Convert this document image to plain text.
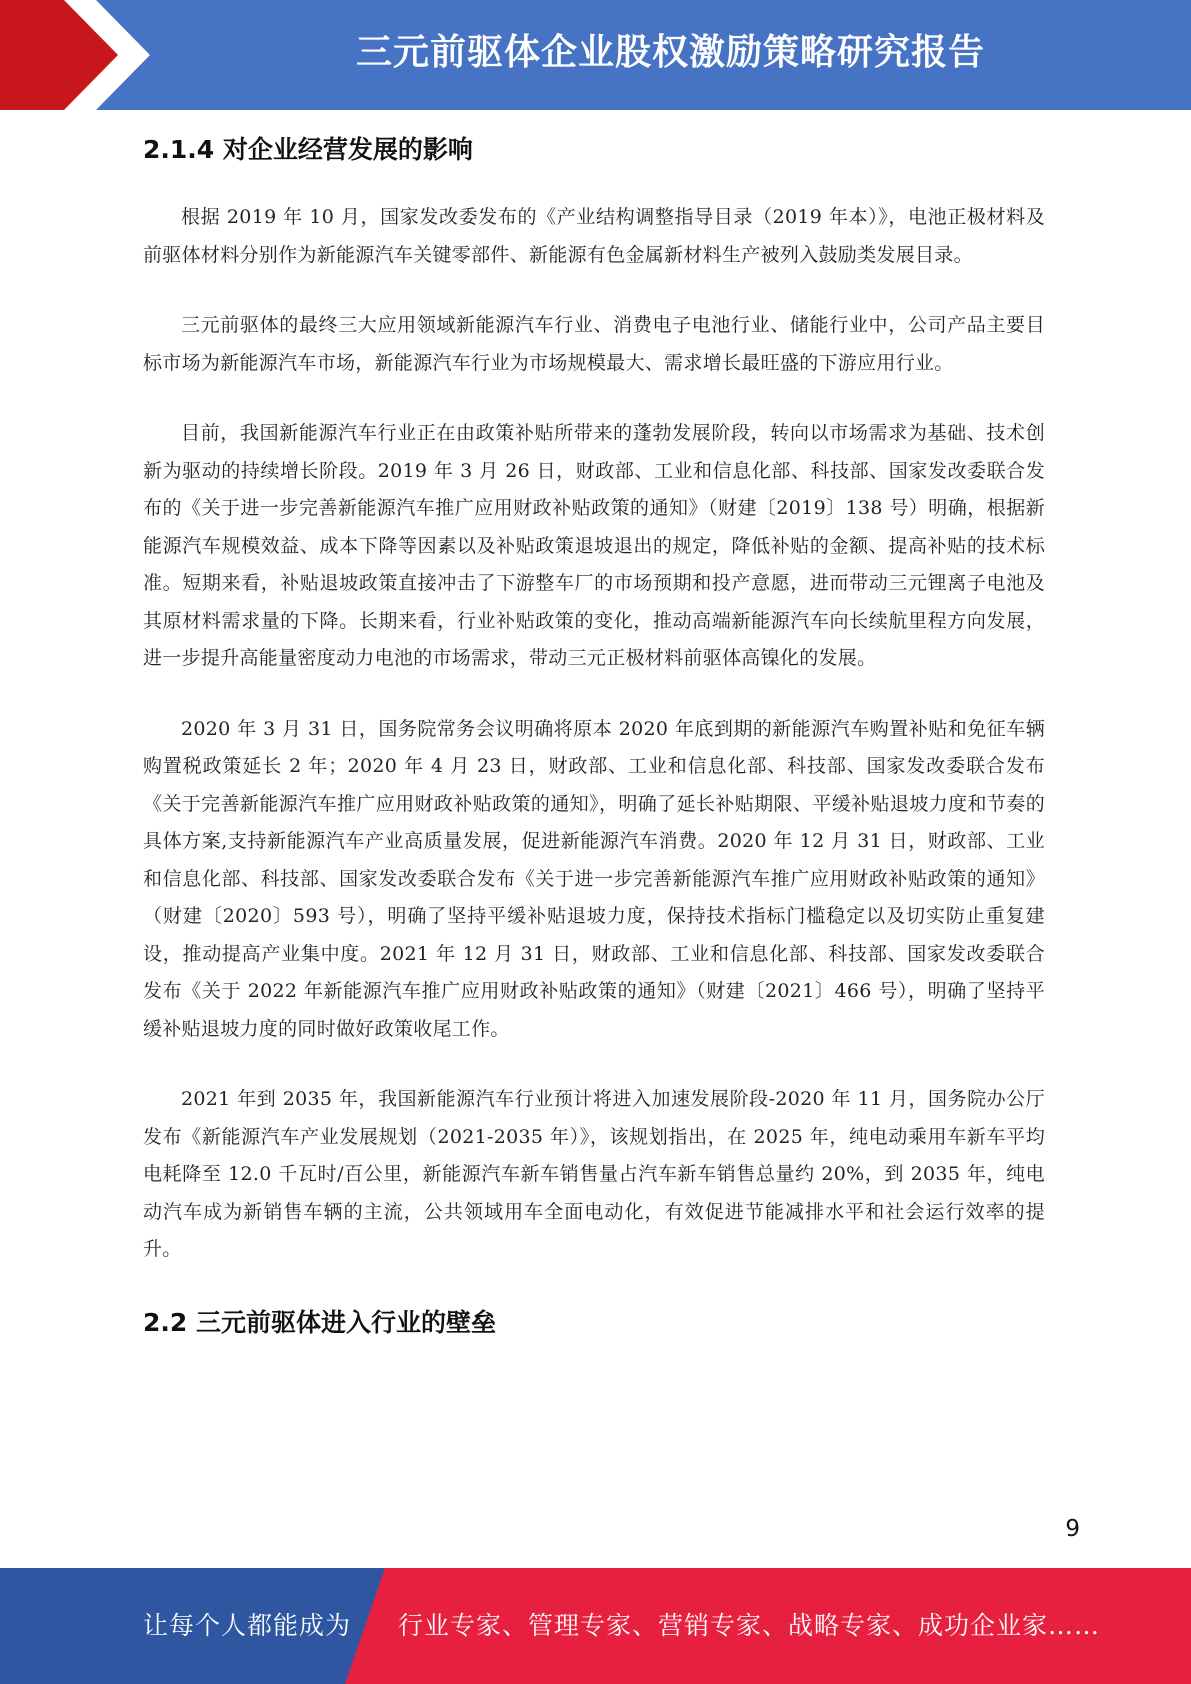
三元前驱体企业股权激励策略研究报告
2.1.4 对企业经营发展的影响

根据 2019 年 10 月，国家发改委发布的《产业结构调整指导目录（2019 年本）》，电池正极材料及前驱体材料分别作为新能源汽车关键零部件、新能源有色金属新材料生产被列入鼓励类发展目录。

三元前驱体的最终三大应用领域新能源汽车行业、消费电子电池行业、储能行业中，公司产品主要目标市场为新能源汽车市场，新能源汽车行业为市场规模最大、需求增长最旺盛的下游应用行业。

目前，我国新能源汽车行业正在由政策补贴所带来的蓬勃发展阶段，转向以市场需求为基础、技术创新为驱动的持续增长阶段。2019 年 3 月 26 日，财政部、工业和信息化部、科技部、国家发改委联合发布的《关于进一步完善新能源汽车推广应用财政补贴政策的通知》（财建〔2019〕138 号）明确，根据新能源汽车规模效益、成本下降等因素以及补贴政策退坡退出的规定，降低补贴的金额、提高补贴的技术标准。短期来看，补贴退坡政策直接冲击了下游整车厂的市场预期和投产意愿，进而带动三元锂离子电池及其原材料需求量的下降。长期来看，行业补贴政策的变化，推动高端新能源汽车向长续航里程方向发展，进一步提升高能量密度动力电池的市场需求，带动三元正极材料前驱体高镍化的发展。

2020 年 3 月 31 日，国务院常务会议明确将原本 2020 年底到期的新能源汽车购置补贴和免征车辆购置税政策延长 2 年；2020 年 4 月 23 日，财政部、工业和信息化部、科技部、国家发改委联合发布《关于完善新能源汽车推广应用财政补贴政策的通知》，明确了延长补贴期限、平缓补贴退坡力度和节奏的具体方案,支持新能源汽车产业高质量发展，促进新能源汽车消费。2020 年 12 月 31 日，财政部、工业和信息化部、科技部、国家发改委联合发布《关于进一步完善新能源汽车推广应用财政补贴政策的通知》（财建〔2020〕593 号），明确了坚持平缓补贴退坡力度，保持技术指标门槛稳定以及切实防止重复建设，推动提高产业集中度。2021 年 12 月 31 日，财政部、工业和信息化部、科技部、国家发改委联合发布《关于 2022 年新能源汽车推广应用财政补贴政策的通知》（财建〔2021〕466 号），明确了坚持平缓补贴退坡力度的同时做好政策收尾工作。

2021 年到 2035 年，我国新能源汽车行业预计将进入加速发展阶段-2020 年 11 月，国务院办公厅发布《新能源汽车产业发展规划（2021-2035 年）》，该规划指出，在 2025 年，纯电动乘用车新车平均电耗降至 12.0 千瓦时/百公里，新能源汽车新车销售量占汽车新车销售总量约 20%，到 2035 年，纯电动汽车成为新销售车辆的主流，公共领域用车全面电动化，有效促进节能减排水平和社会运行效率的提升。

2.2 三元前驱体进入行业的壁垒
9
让每个人都能成为 行业专家、管理专家、营销专家、战略专家、成功企业家……
